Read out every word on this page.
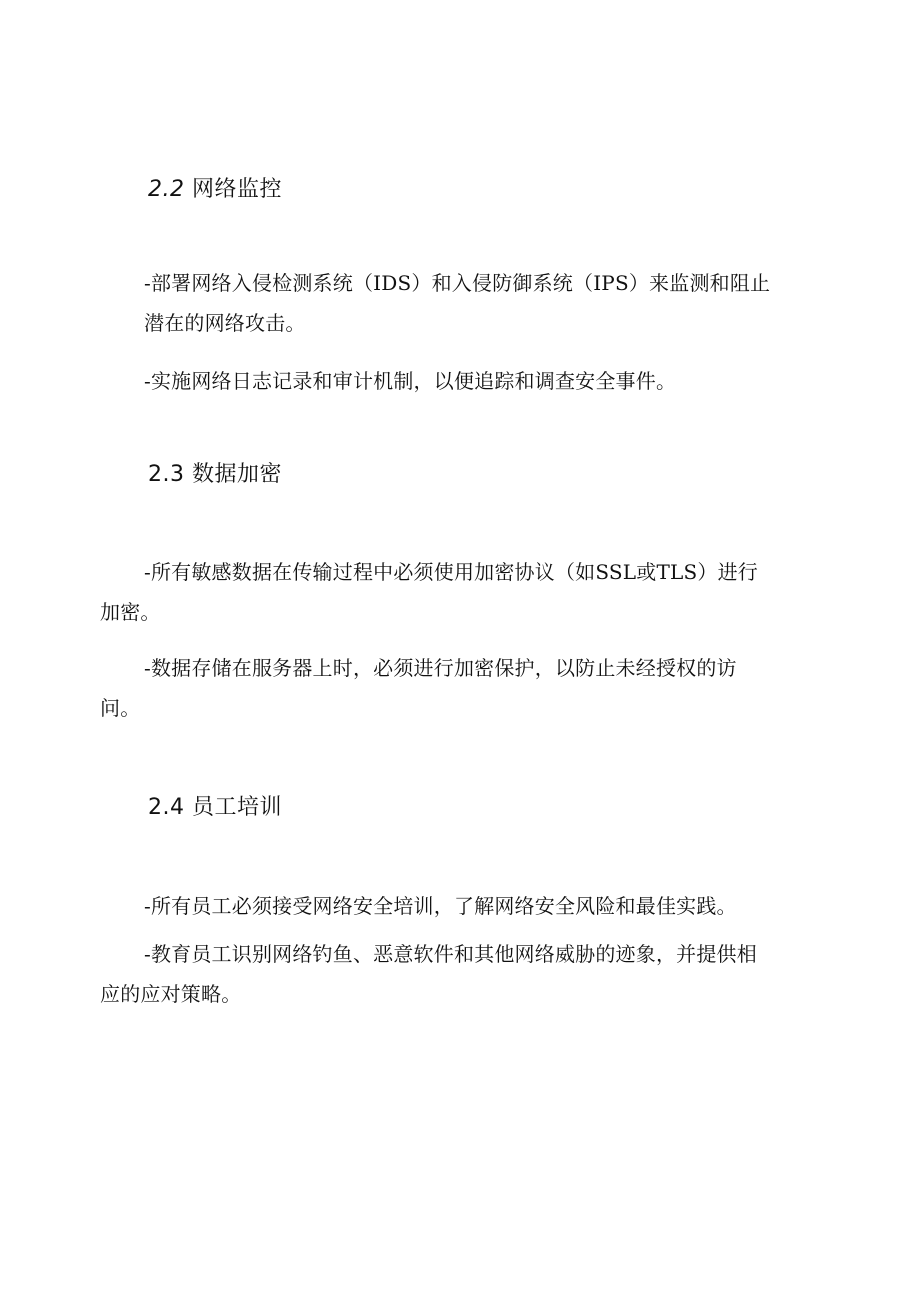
2.2 网络监控

-部署网络入侵检测系统（IDS）和入侵防御系统（IPS）来监测和阻止
潜在的网络攻击。

-实施网络日志记录和审计机制，以便追踪和调查安全事件。

2.3 数据加密

-所有敏感数据在传输过程中必须使用加密协议（如SSL或TLS）进行
加密。

-数据存储在服务器上时，必须进行加密保护，以防止未经授权的访
问。

2.4 员工培训

-所有员工必须接受网络安全培训，了解网络安全风险和最佳实践。

-教育员工识别网络钓鱼、恶意软件和其他网络威胁的迹象，并提供相
应的应对策略。
